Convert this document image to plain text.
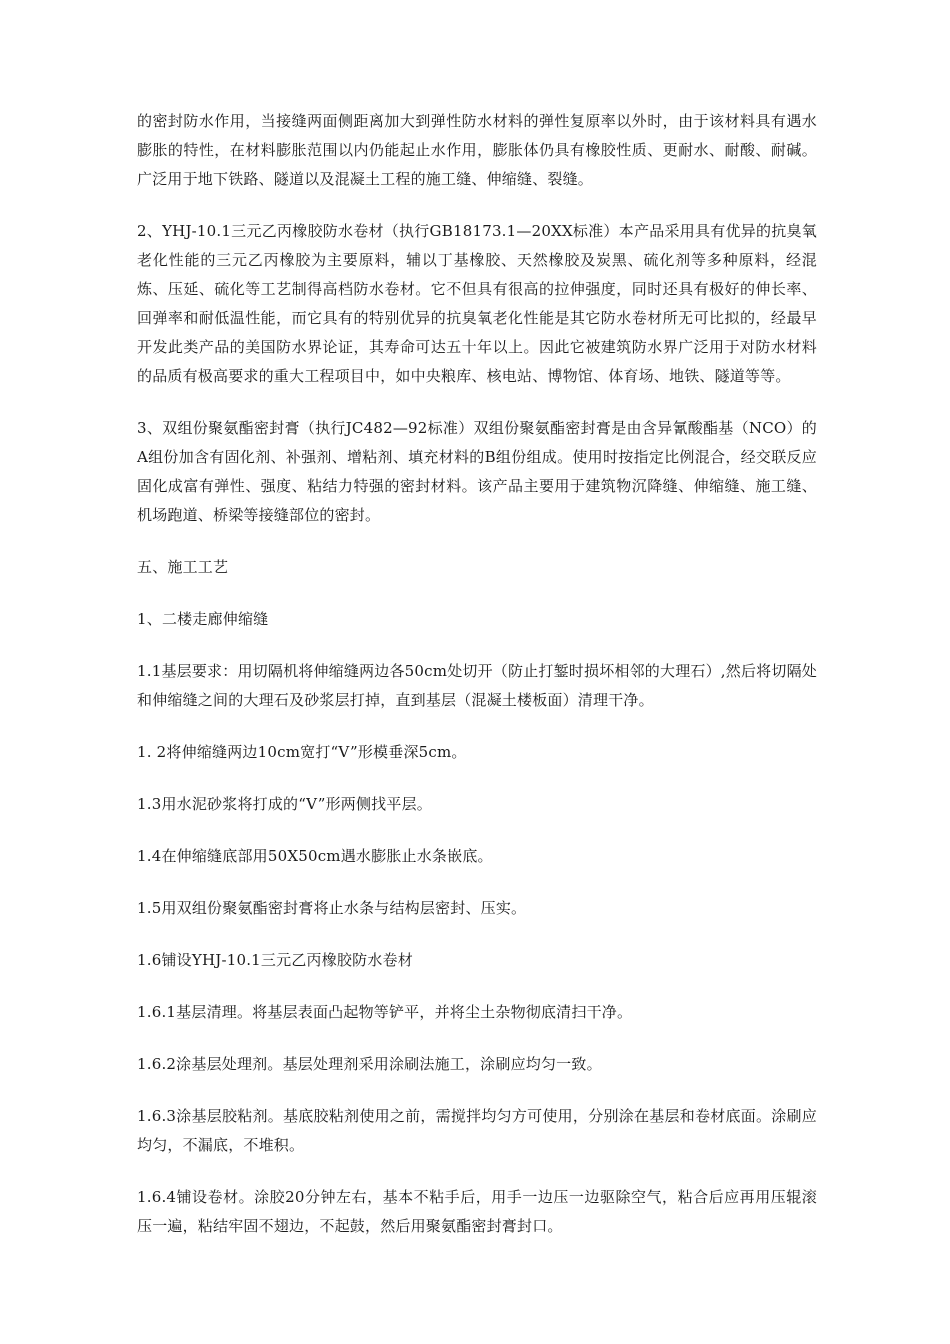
的密封防水作用，当接缝两面侧距离加大到弹性防水材料的弹性复原率以外时，由于该材料具有遇水膨胀的特性，在材料膨胀范围以内仍能起止水作用，膨胀体仍具有橡胶性质、更耐水、耐酸、耐碱。广泛用于地下铁路、隧道以及混凝土工程的施工缝、伸缩缝、裂缝。

2、YHJ-10.1三元乙丙橡胶防水卷材（执行GB18173.1—20XX标准）本产品采用具有优异的抗臭氧老化性能的三元乙丙橡胶为主要原料，辅以丁基橡胶、天然橡胶及炭黑、硫化剂等多种原料，经混炼、压延、硫化等工艺制得高档防水卷材。它不但具有很高的拉伸强度，同时还具有极好的伸长率、回弹率和耐低温性能，而它具有的特别优异的抗臭氧老化性能是其它防水卷材所无可比拟的，经最早开发此类产品的美国防水界论证，其寿命可达五十年以上。因此它被建筑防水界广泛用于对防水材料的品质有极高要求的重大工程项目中，如中央粮库、核电站、博物馆、体育场、地铁、隧道等等。

3、双组份聚氨酯密封膏（执行JC482—92标准）双组份聚氨酯密封膏是由含异氰酸酯基（NCO）的A组份加含有固化剂、补强剂、增粘剂、填充材料的B组份组成。使用时按指定比例混合，经交联反应固化成富有弹性、强度、粘结力特强的密封材料。该产品主要用于建筑物沉降缝、伸缩缝、施工缝、机场跑道、桥梁等接缝部位的密封。

五、施工工艺

1、二楼走廊伸缩缝

1.1基层要求：用切隔机将伸缩缝两边各50cm处切开（防止打錾时损坏相邻的大理石）,然后将切隔处和伸缩缝之间的大理石及砂浆层打掉，直到基层（混凝土楼板面）清理干净。

1. 2将伸缩缝两边10cm宽打“V”形模垂深5cm。

1.3用水泥砂浆将打成的“V”形两侧找平层。

1.4在伸缩缝底部用50X50cm遇水膨胀止水条嵌底。

1.5用双组份聚氨酯密封膏将止水条与结构层密封、压实。

1.6铺设YHJ-10.1三元乙丙橡胶防水卷材

1.6.1基层清理。将基层表面凸起物等铲平，并将尘土杂物彻底清扫干净。

1.6.2涂基层处理剂。基层处理剂采用涂刷法施工，涂刷应均匀一致。

1.6.3涂基层胶粘剂。基底胶粘剂使用之前，需搅拌均匀方可使用，分别涂在基层和卷材底面。涂刷应均匀，不漏底，不堆积。

1.6.4铺设卷材。涂胶20分钟左右，基本不粘手后，用手一边压一边驱除空气，粘合后应再用压辊滚压一遍，粘结牢固不翅边，不起鼓，然后用聚氨酯密封膏封口。
